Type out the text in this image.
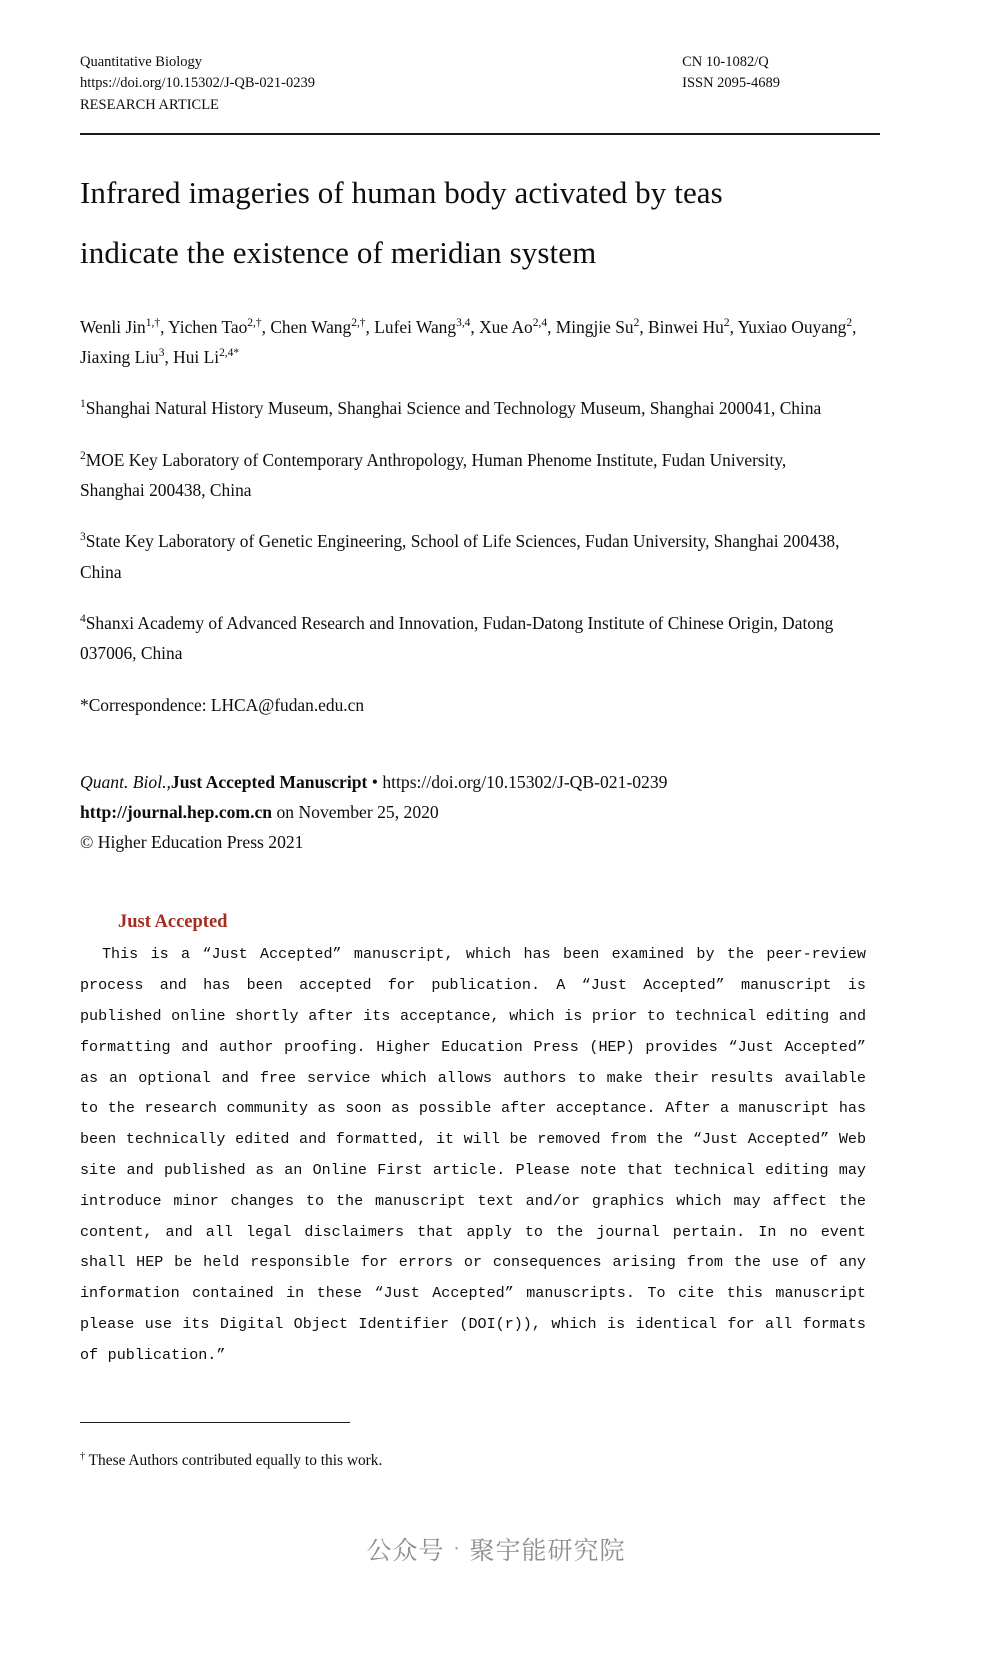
Quantitative Biology
https://doi.org/10.15302/J-QB-021-0239
RESEARCH ARTICLE
CN 10-1082/Q
ISSN 2095-4689
Infrared imageries of human body activated by teas
indicate the existence of meridian system
Wenli Jin$^{1,\dagger}$, Yichen Tao$^{2,\dagger}$, Chen Wang$^{2,\dagger}$, Lufei Wang$^{3,4}$, Xue Ao$^{2,4}$, Mingjie Su$^2$, Binwei Hu$^2$, Yuxiao Ouyang$^2$, Jiaxing Liu$^3$, Hui $Li^{2,4*}$
$^1$Shanghai Natural History Museum, Shanghai Science and Technology Museum, Shanghai 200041, China
$^2$MOE Key Laboratory of Contemporary Anthropology, Human Phenome Institute, Fudan University, Shanghai 200438, China
$^3$State Key Laboratory of Genetic Engineering, School of Life Sciences, Fudan University, Shanghai 200438, China
$^4$Shanxi Academy of Advanced Research and Innovation, Fudan-Datong Institute of Chinese Origin, Datong 037006, China
*Correspondence: LHCA@fudan.edu.cn
Quant. Biol.,Just Accepted Manuscript • https://doi.org/10.15302/J-QB-021-0239
http://journal.hep.com.cn on November 25, 2020
© Higher Education Press 2021
Just Accepted
This is a “Just Accepted” manuscript, which has been examined by the peer-review process and has been accepted for publication. A “Just Accepted” manuscript is published online shortly after its acceptance, which is prior to technical editing and formatting and author proofing. Higher Education Press (HEP) provides “Just Accepted” as an optional and free service which allows authors to make their results available to the research community as soon as possible after acceptance. After a manuscript has been technically edited and formatted, it will be removed from the “Just Accepted” Web site and published as an Online First article. Please note that technical editing may introduce minor changes to the manuscript text and/or graphics which may affect the content, and all legal disclaimers that apply to the journal pertain. In no event shall HEP be held responsible for errors or consequences arising from the use of any information contained in these “Just Accepted” manuscripts. To cite this manuscript please use its Digital Object Identifier (DOI(r)), which is identical for all formats of publication.”
† These Authors contributed equally to this work.
公众号 · 聚宇能研究院
